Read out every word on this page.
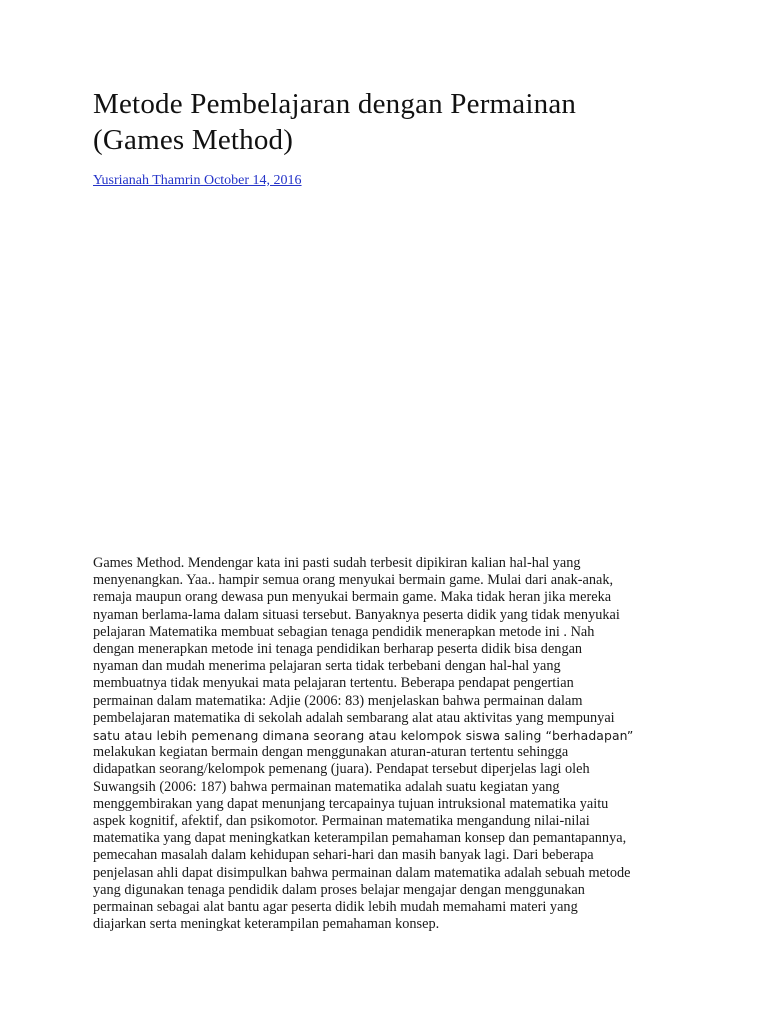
Metode Pembelajaran dengan Permainan
(Games Method)
Yusrianah Thamrin October 14, 2016
Games Method. Mendengar kata ini pasti sudah terbesit dipikiran kalian hal-hal yang
menyenangkan. Yaa.. hampir semua orang menyukai bermain game. Mulai dari anak-anak,
remaja maupun orang dewasa pun menyukai bermain game. Maka tidak heran jika mereka
nyaman berlama-lama dalam situasi tersebut. Banyaknya peserta didik yang tidak menyukai
pelajaran Matematika membuat sebagian tenaga pendidik menerapkan metode ini . Nah
dengan menerapkan metode ini tenaga pendidikan berharap peserta didik bisa dengan
nyaman dan mudah menerima pelajaran serta tidak terbebani dengan hal-hal yang
membuatnya tidak menyukai mata pelajaran tertentu. Beberapa pendapat pengertian
permainan dalam matematika: Adjie (2006: 83) menjelaskan bahwa permainan dalam
pembelajaran matematika di sekolah adalah sembarang alat atau aktivitas yang mempunyai
satu atau lebih pemenang dimana seorang atau kelompok siswa saling “berhadapan”
melakukan kegiatan bermain dengan menggunakan aturan-aturan tertentu sehingga
didapatkan seorang/kelompok pemenang (juara). Pendapat tersebut diperjelas lagi oleh
Suwangsih (2006: 187) bahwa permainan matematika adalah suatu kegiatan yang
menggembirakan yang dapat menunjang tercapainya tujuan intruksional matematika yaitu
aspek kognitif, afektif, dan psikomotor. Permainan matematika mengandung nilai-nilai
matematika yang dapat meningkatkan keterampilan pemahaman konsep dan pemantapannya,
pemecahan masalah dalam kehidupan sehari-hari dan masih banyak lagi. Dari beberapa
penjelasan ahli dapat disimpulkan bahwa permainan dalam matematika adalah sebuah metode
yang digunakan tenaga pendidik dalam proses belajar mengajar dengan menggunakan
permainan sebagai alat bantu agar peserta didik lebih mudah memahami materi yang
diajarkan serta meningkat keterampilan pemahaman konsep.
